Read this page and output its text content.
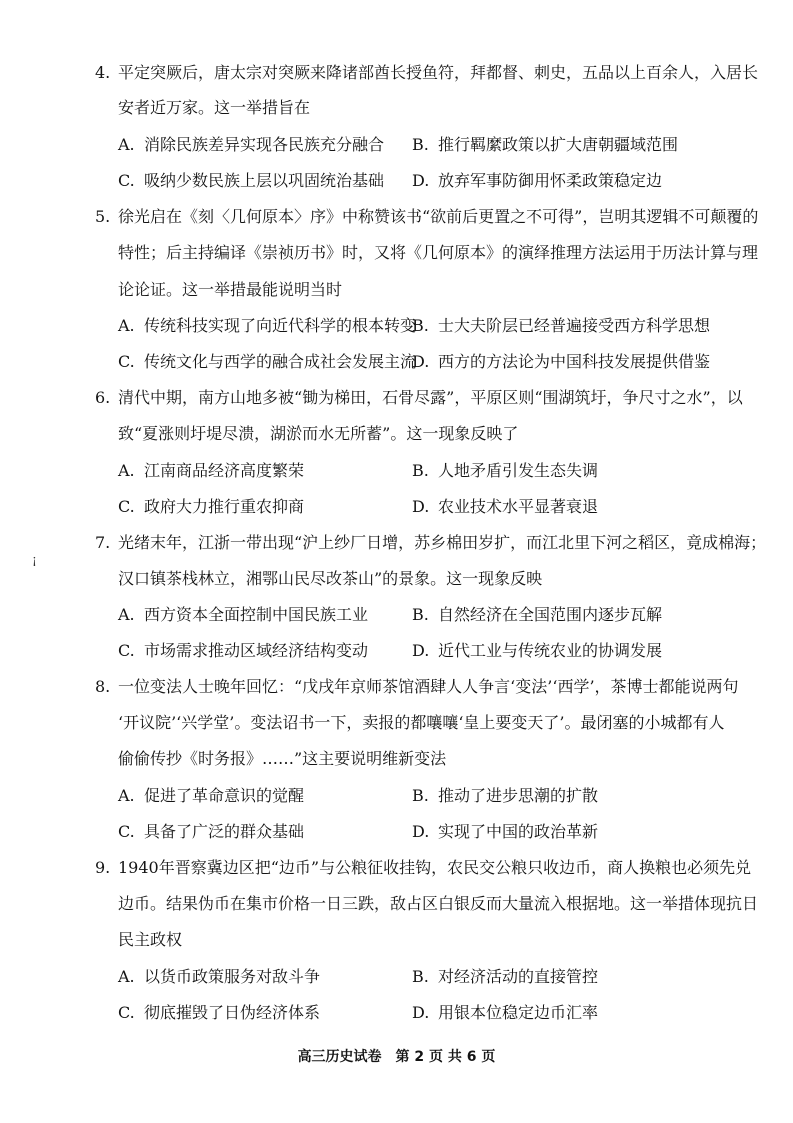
4. 平定突厥后，唐太宗对突厥来降诸部酋长授鱼符，拜都督、刺史，五品以上百余人，入居长
安者近万家。这一举措旨在
A. 消除民族差异实现各民族充分融合 B. 推行羁縻政策以扩大唐朝疆域范围
C. 吸纳少数民族上层以巩固统治基础 D. 放弃军事防御用怀柔政策稳定边
5. 徐光启在《刻〈几何原本〉序》中称赞该书“欲前后更置之不可得”，岂明其逻辑不可颠覆的
特性；后主持编译《崇祯历书》时，又将《几何原本》的演绎推理方法运用于历法计算与理
论论证。这一举措最能说明当时
A. 传统科技实现了向近代科学的根本转变
B. 士大夫阶层已经普遍接受西方科学思想
C. 传统文化与西学的融合成社会发展主流
D. 西方的方法论为中国科技发展提供借鉴
6. 清代中期，南方山地多被“锄为梯田，石骨尽露”，平原区则“围湖筑圩，争尺寸之水”，以
致“夏涨则圩堤尽溃，湖淤而水无所蓄”。这一现象反映了
A. 江南商品经济高度繁荣	B. 人地矛盾引发生态失调
C. 政府大力推行重农抑商	D. 农业技术水平显著衰退
¡
7. 光绪末年，江浙一带出现“沪上纱厂日增，苏乡棉田岁扩，而江北里下河之稻区，竟成棉海；
汉口镇茶栈林立，湘鄂山民尽改茶山”的景象。这一现象反映
A. 西方资本全面控制中国民族工业	B. 自然经济在全国范围内逐步瓦解
C. 市场需求推动区域经济结构变动	D. 近代工业与传统农业的协调发展
8. 一位变法人士晚年回忆：“戊戌年京师茶馆酒肆人人争言‘变法’‘西学’，茶博士都能说两句
‘开议院’‘兴学堂’。变法诏书一下，卖报的都嚷嚷‘皇上要变天了’。最闭塞的小城都有人
偷偷传抄《时务报》……”这主要说明维新变法
A. 促进了革命意识的觉醒	B. 推动了进步思潮的扩散
C. 具备了广泛的群众基础	D. 实现了中国的政治革新
9. 1940年晋察冀边区把“边币”与公粮征收挂钩，农民交公粮只收边币，商人换粮也必须先兑
边币。结果伪币在集市价格一日三跌，敌占区白银反而大量流入根据地。这一举措体现抗日
民主政权
A. 以货币政策服务对敌斗争	B. 对经济活动的直接管控
C. 彻底摧毁了日伪经济体系	D. 用银本位稳定边币汇率
高三历史试卷　第 2 页 共 6 页
